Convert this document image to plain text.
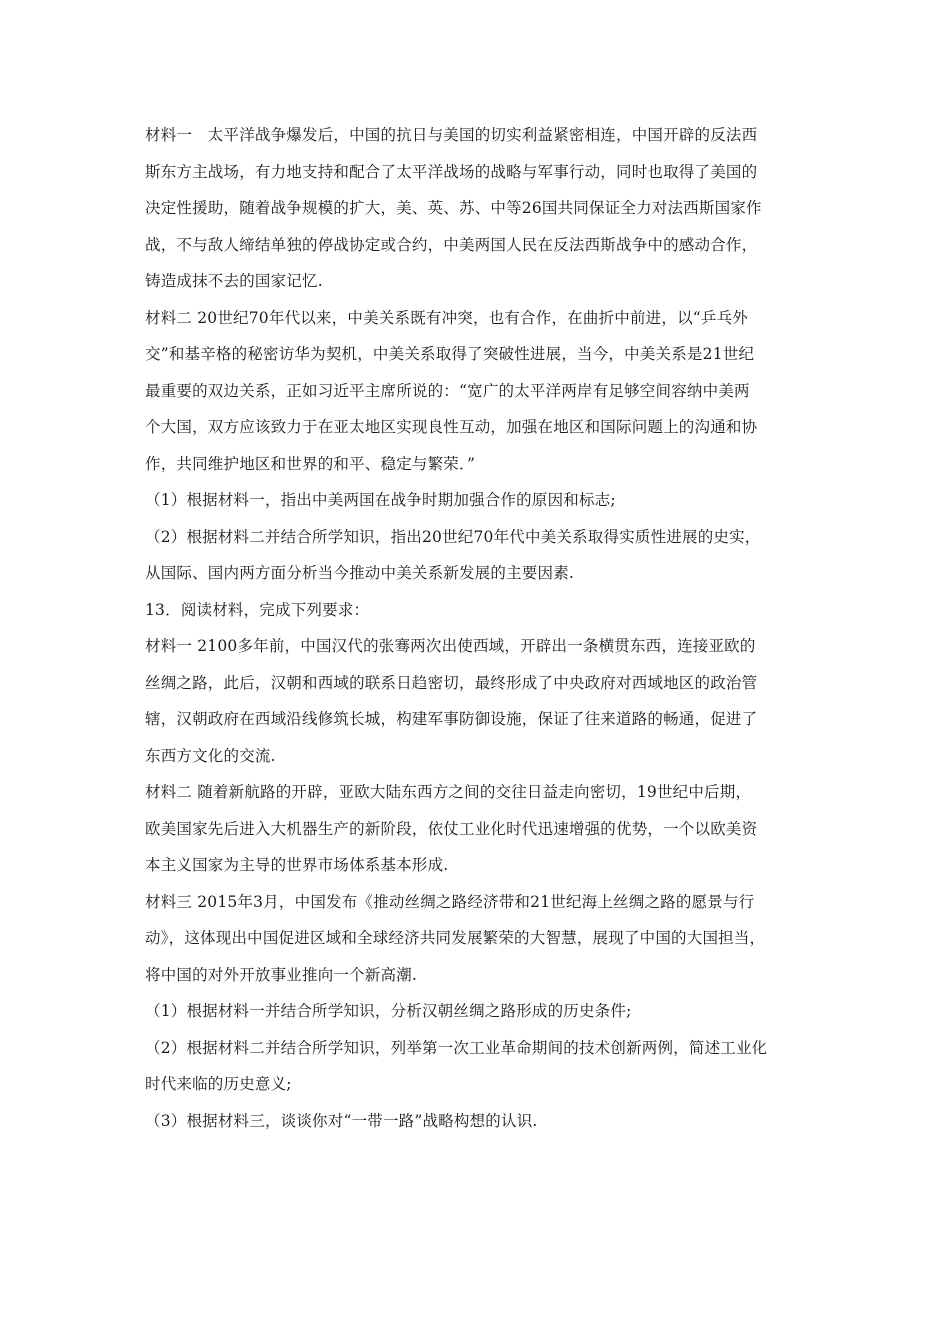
材料一　太平洋战争爆发后，中国的抗日与美国的切实利益紧密相连，中国开辟的反法西
斯东方主战场，有力地支持和配合了太平洋战场的战略与军事行动，同时也取得了美国的
决定性援助，随着战争规模的扩大，美、英、苏、中等26国共同保证全力对法西斯国家作
战，不与敌人缔结单独的停战协定或合约，中美两国人民在反法西斯战争中的感动合作，
铸造成抹不去的国家记忆.
材料二 20世纪70年代以来，中美关系既有冲突，也有合作，在曲折中前进，以“乒乓外
交”和基辛格的秘密访华为契机，中美关系取得了突破性进展，当今，中美关系是21世纪
最重要的双边关系，正如习近平主席所说的：“宽广的太平洋两岸有足够空间容纳中美两
个大国，双方应该致力于在亚太地区实现良性互动，加强在地区和国际问题上的沟通和协
作，共同维护地区和世界的和平、稳定与繁荣．”
（1）根据材料一，指出中美两国在战争时期加强合作的原因和标志;
（2）根据材料二并结合所学知识，指出20世纪70年代中美关系取得实质性进展的史实，
从国际、国内两方面分析当今推动中美关系新发展的主要因素.
13．阅读材料，完成下列要求：
材料一 2100多年前，中国汉代的张骞两次出使西域，开辟出一条横贯东西，连接亚欧的
丝绸之路，此后，汉朝和西域的联系日趋密切，最终形成了中央政府对西域地区的政治管
辖，汉朝政府在西域沿线修筑长城，构建军事防御设施，保证了往来道路的畅通，促进了
东西方文化的交流.
材料二 随着新航路的开辟，亚欧大陆东西方之间的交往日益走向密切，19世纪中后期，
欧美国家先后进入大机器生产的新阶段，依仗工业化时代迅速增强的优势，一个以欧美资
本主义国家为主导的世界市场体系基本形成.
材料三 2015年3月，中国发布《推动丝绸之路经济带和21世纪海上丝绸之路的愿景与行
动》，这体现出中国促进区域和全球经济共同发展繁荣的大智慧，展现了中国的大国担当，
将中国的对外开放事业推向一个新高潮.
（1）根据材料一并结合所学知识，分析汉朝丝绸之路形成的历史条件;
（2）根据材料二并结合所学知识，列举第一次工业革命期间的技术创新两例，简述工业化
时代来临的历史意义;
（3）根据材料三，谈谈你对“一带一路”战略构想的认识.
